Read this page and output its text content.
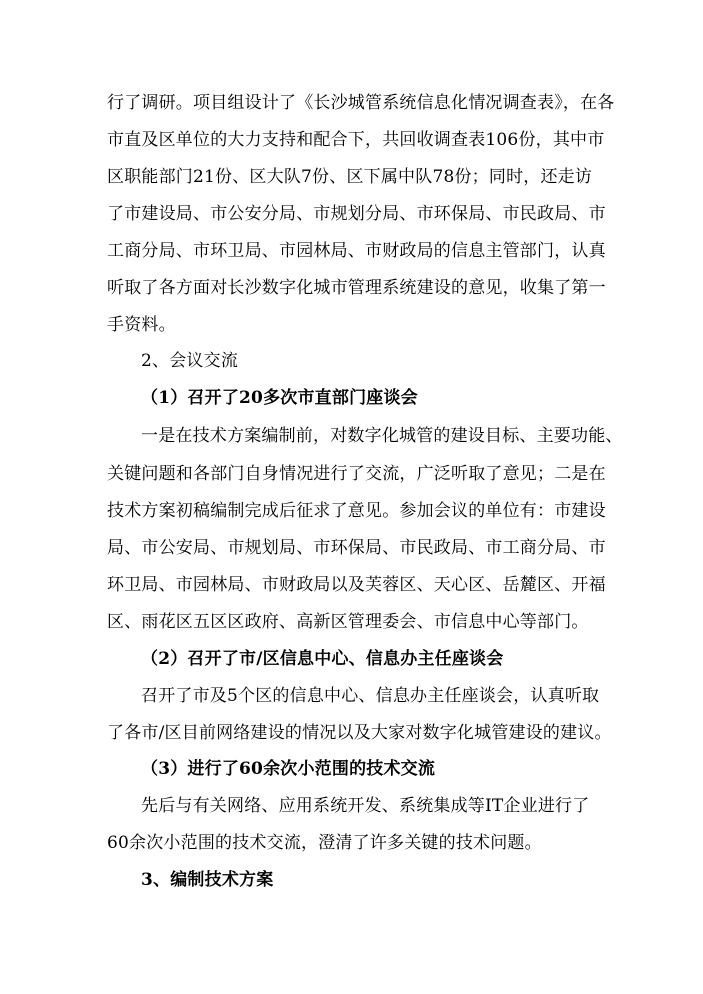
行了调研。项目组设计了《长沙城管系统信息化情况调查表》，在各
市直及区单位的大力支持和配合下，共回收调查表106份，其中市
区职能部门21份、区大队7份、区下属中队78份；同时，还走访
了市建设局、市公安分局、市规划分局、市环保局、市民政局、市
工商分局、市环卫局、市园林局、市财政局的信息主管部门，认真
听取了各方面对长沙数字化城市管理系统建设的意见，收集了第一
手资料。
2、会议交流
（1）召开了20多次市直部门座谈会
一是在技术方案编制前，对数字化城管的建设目标、主要功能、
关键问题和各部门自身情况进行了交流，广泛听取了意见；二是在
技术方案初稿编制完成后征求了意见。参加会议的单位有：市建设
局、市公安局、市规划局、市环保局、市民政局、市工商分局、市
环卫局、市园林局、市财政局以及芙蓉区、天心区、岳麓区、开福
区、雨花区五区区政府、高新区管理委会、市信息中心等部门。
（2）召开了市/区信息中心、信息办主任座谈会
召开了市及5个区的信息中心、信息办主任座谈会，认真听取
了各市/区目前网络建设的情况以及大家对数字化城管建设的建议。
（3）进行了60余次小范围的技术交流
先后与有关网络、应用系统开发、系统集成等IT企业进行了
60余次小范围的技术交流，澄清了许多关键的技术问题。
3、编制技术方案
